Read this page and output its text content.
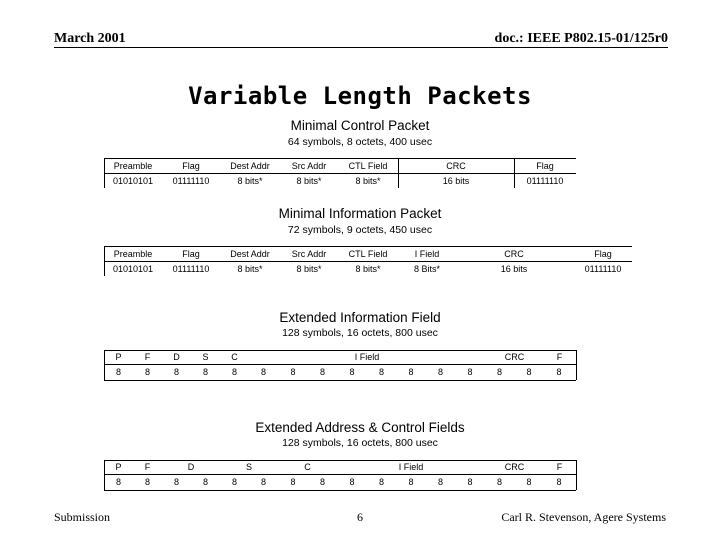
March 2001	doc.: IEEE P802.15-01/125r0
Variable Length Packets
Minimal Control Packet
64 symbols, 8 octets, 400 usec
Preamble	Flag	Dest Addr	Src Addr	CTL Field	CRC	Flag
01010101	01111110	8 bits*	8 bits*	8 bits*	16 bits	01111110
Minimal Information Packet
72 symbols, 9 octets, 450 usec
Preamble	Flag	Dest Addr	Src Addr	CTL Field	I Field	CRC	Flag
01010101	01111110	8 bits*	8 bits*	8 bits*	8 Bits*	16 bits	01111110
Extended Information Field
128 symbols, 16 octets, 800 usec
P	F	D	S	C	I Field	CRC	F
8	8	8	8	8	8	8	8	8	8	8	8	8	8	8	8
Extended Address & Control Fields
128 symbols, 16 octets, 800 usec
P	F	D	S	C	I Field	CRC	F
8	8	8	8	8	8	8	8	8	8	8	8	8	8	8	8
Submission	6	Carl R. Stevenson, Agere Systems
